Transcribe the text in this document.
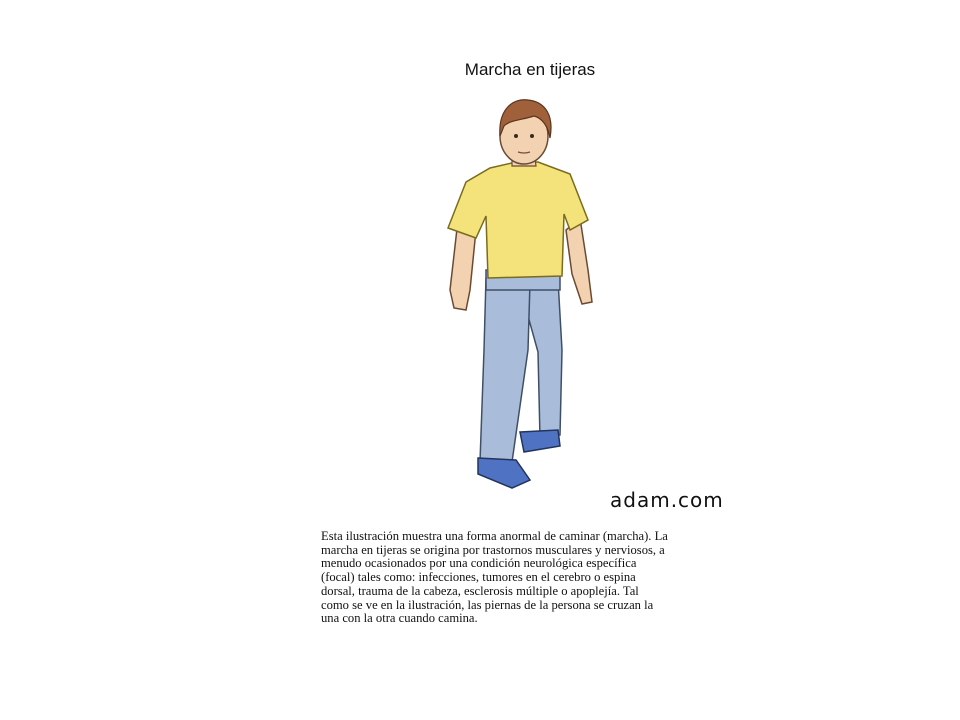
Marcha en tijeras
adam.com
Esta ilustración muestra una forma anormal de caminar (marcha). La
marcha en tijeras se origina por trastornos musculares y nerviosos, a
menudo ocasionados por una condición neurológica específica
(focal) tales como: infecciones, tumores en el cerebro o espina
dorsal, trauma de la cabeza, esclerosis múltiple o apoplejía. Tal
como se ve en la ilustración, las piernas de la persona se cruzan la
una con la otra cuando camina.
